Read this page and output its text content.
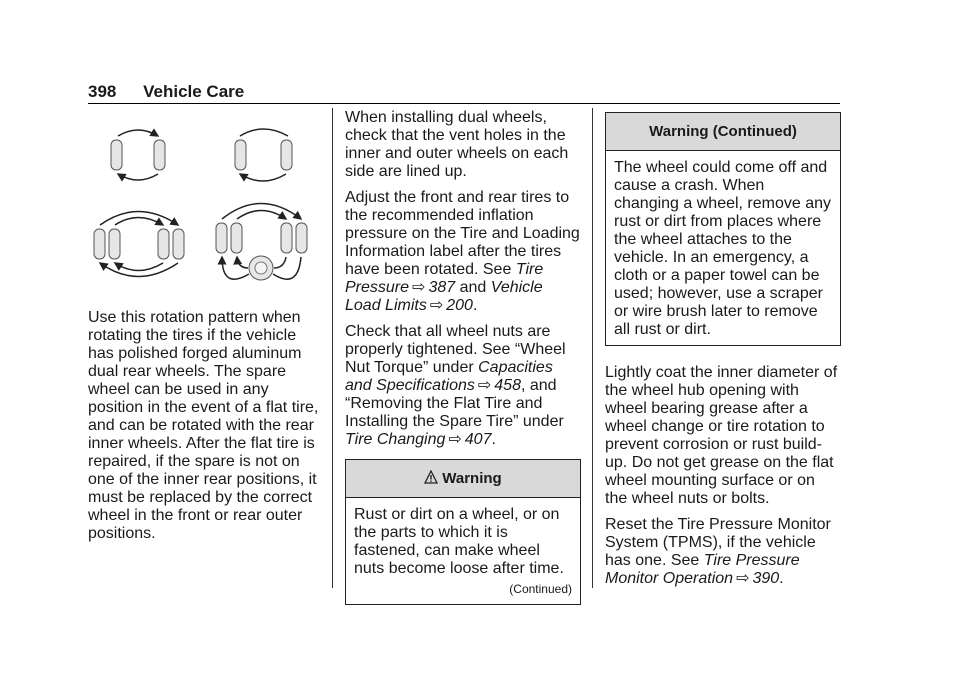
398 Vehicle Care
Use this rotation pattern when rotating the tires if the vehicle has polished forged aluminum dual rear wheels. The spare wheel can be used in any position in the event of a flat tire, and can be rotated with the rear inner wheels. After the flat tire is repaired, if the spare is not on one of the inner rear positions, it must be replaced by the correct wheel in the front or rear outer positions.

When installing dual wheels, check that the vent holes in the inner and outer wheels on each side are lined up.

Adjust the front and rear tires to the recommended inflation pressure on the Tire and Loading Information label after the tires have been rotated. See Tire Pressure ⇨ 387 and Vehicle Load Limits ⇨ 200.

Check that all wheel nuts are properly tightened. See “Wheel Nut Torque” under Capacities and Specifications ⇨ 458, and “Removing the Flat Tire and Installing the Spare Tire” under Tire Changing ⇨ 407.

Warning
Rust or dirt on a wheel, or on the parts to which it is fastened, can make wheel nuts become loose after time.
(Continued)
Warning (Continued)
The wheel could come off and cause a crash. When changing a wheel, remove any rust or dirt from places where the wheel attaches to the vehicle. In an emergency, a cloth or a paper towel can be used; however, use a scraper or wire brush later to remove all rust or dirt.

Lightly coat the inner diameter of the wheel hub opening with wheel bearing grease after a wheel change or tire rotation to prevent corrosion or rust build-up. Do not get grease on the flat wheel mounting surface or on the wheel nuts or bolts.

Reset the Tire Pressure Monitor System (TPMS), if the vehicle has one. See Tire Pressure Monitor Operation ⇨ 390.
